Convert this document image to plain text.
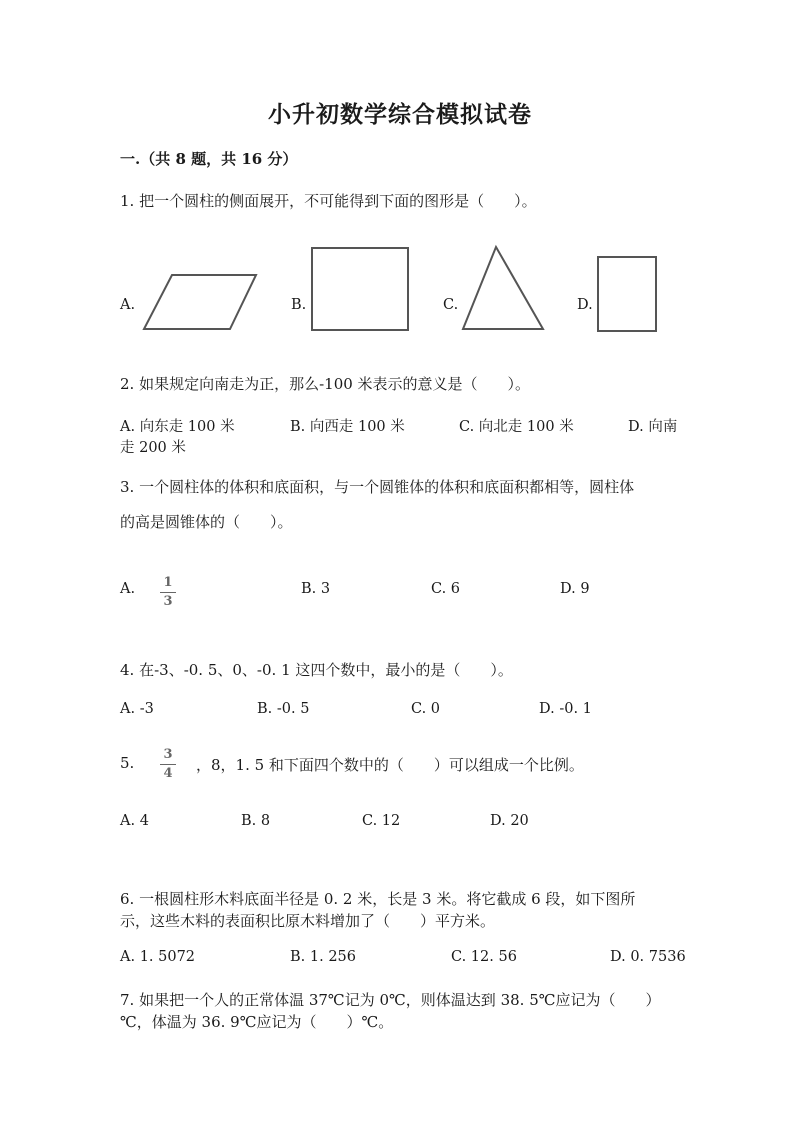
小升初数学综合模拟试卷
一.（共 8 题，共 16 分）
1. 把一个圆柱的侧面展开，不可能得到下面的图形是（　　）。
A.	B.	C.	D.
2. 如果规定向南走为正，那么-100 米表示的意义是（　　）。
A. 向东走 100 米	B. 向西走 100 米	C. 向北走 100 米	D. 向南
走 200 米
3. 一个圆柱体的体积和底面积，与一个圆锥体的体积和底面积都相等，圆柱体
的高是圆锥体的（　　）。
A. 1
3
B. 3	C. 6	D. 9
4. 在-3、-0. 5、0、-0. 1 这四个数中，最小的是（　　）。
A. -3	B. -0. 5	C. 0	D. -0. 1
5. 3
4 ，8，1. 5 和下面四个数中的（　　）可以组成一个比例。
A. 4	B. 8	C. 12	D. 20
6. 一根圆柱形木料底面半径是 0. 2 米，长是 3 米。将它截成 6 段，如下图所
示，这些木料的表面积比原木料增加了（　　）平方米。
A. 1. 5072	B. 1. 256	C. 12. 56	D. 0. 7536
7. 如果把一个人的正常体温 37℃记为 0℃，则体温达到 38. 5℃应记为（　　）
℃，体温为 36. 9℃应记为（　　）℃。
